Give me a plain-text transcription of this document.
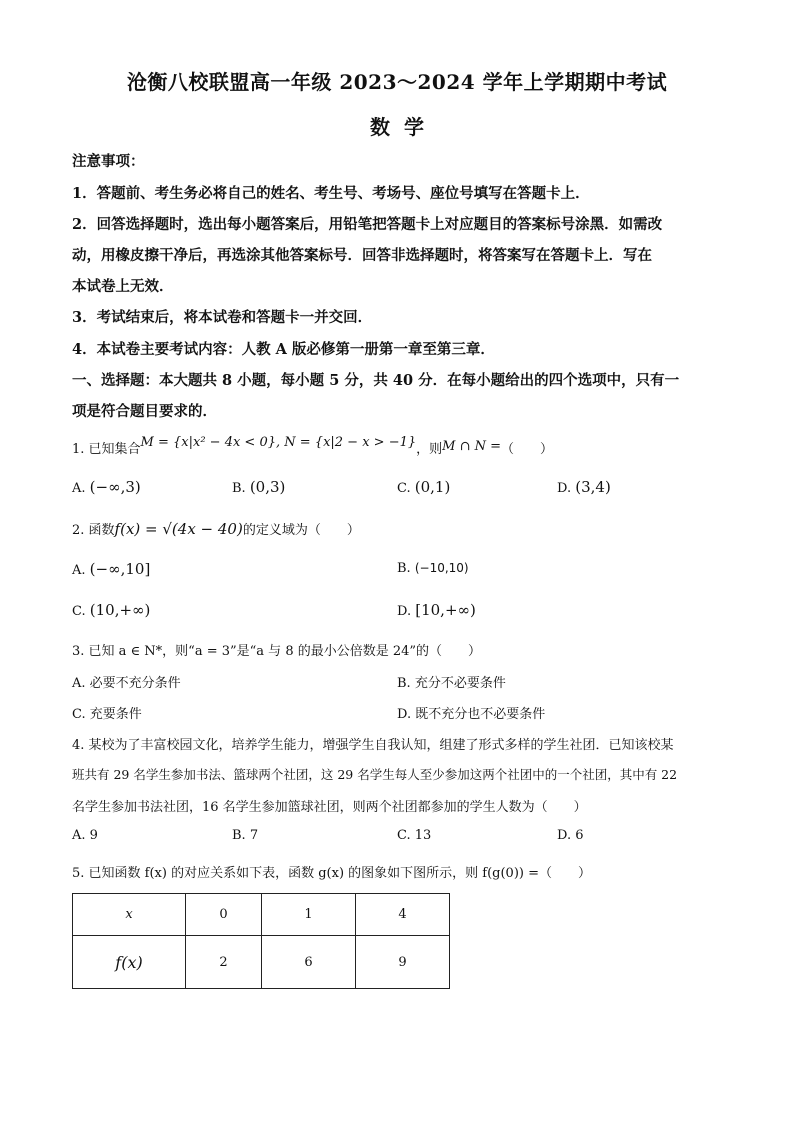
沧衡八校联盟高一年级 2023～2024 学年上学期期中考试
数学
注意事项：
1．答题前、考生务必将自己的姓名、考生号、考场号、座位号填写在答题卡上．
2．回答选择题时，选出每小题答案后，用铅笔把答题卡上对应题目的答案标号涂黑．如需改
动，用橡皮擦干净后，再选涂其他答案标号．回答非选择题时，将答案写在答题卡上．写在
本试卷上无效．
3．考试结束后，将本试卷和答题卡一并交回．
4．本试卷主要考试内容：人教 A 版必修第一册第一章至第三章．
一、选择题：本大题共 8 小题，每小题 5 分，共 40 分．在每小题给出的四个选项中，只有一
项是符合题目要求的．
1. 已知集合M = {x|x² − 4x < 0}, N = {x|2 − x > −1}，则M ∩ N =（　　）
A. (−∞,3)	B. (0,3)	C. (0,1)	D. (3,4)
2. 函数f(x) = √(4x − 40)的定义域为（　　）
A. (−∞,10]	B. (−10,10)
C. (10,+∞)	D. [10,+∞)
3. 已知 a ∈ N*，则“a = 3”是“a 与 8 的最小公倍数是 24”的（　　）
A. 必要不充分条件	B. 充分不必要条件
C. 充要条件	D. 既不充分也不必要条件
4. 某校为了丰富校园文化，培养学生能力，增强学生自我认知，组建了形式多样的学生社团．已知该校某
班共有 29 名学生参加书法、篮球两个社团，这 29 名学生每人至少参加这两个社团中的一个社团，其中有 22
名学生参加书法社团，16 名学生参加篮球社团，则两个社团都参加的学生人数为（　　）
A. 9	B. 7	C. 13	D. 6
5. 已知函数 f(x) 的对应关系如下表，函数 g(x) 的图象如下图所示，则 f(g(0)) =（　　）
x	0	1	4
f(x)	2	6	9
